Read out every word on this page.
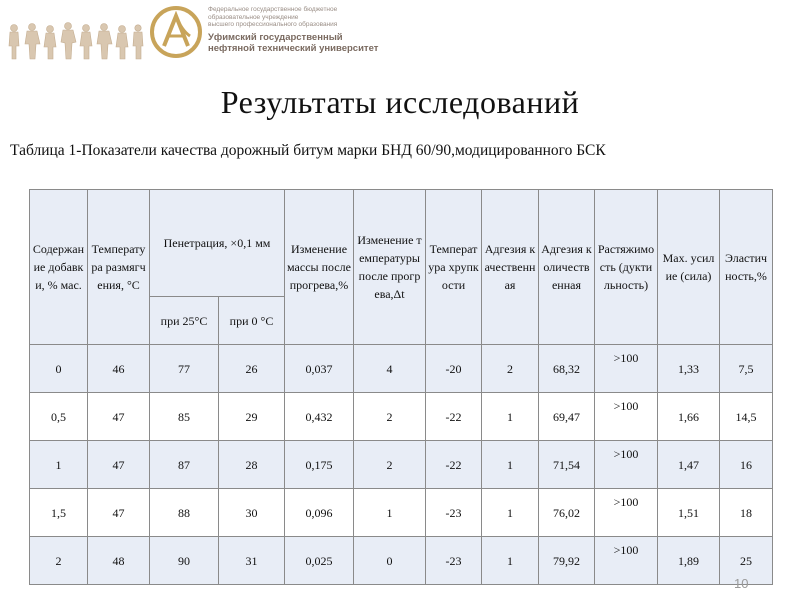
Федеральное государственное бюджетное
образовательное учреждение
высшего профессионального образования
Уфимский государственный
нефтяной технический университет
Результаты исследований
Таблица 1-Показатели качества дорожный битум марки БНД 60/90,модицированного БСК
Содержание добавки, % мас.	Температура размягчения, °С	Пенетрация, ×0,1 мм		Изменение массы после прогрева,%	Изменение температуры после прогрева,Δt	Температура хрупкости	Адгезия качественная	Адгезия количественная	Растяжимость (дуктильность)	Мах. усилие (сила)	Эластичность,%
		при 25°С	при 0 °С								
0	46	77	26	0,037	4	-20	2	68,32	>100	1,33	7,5
0,5	47	85	29	0,432	2	-22	1	69,47	>100	1,66	14,5
1	47	87	28	0,175	2	-22	1	71,54	>100	1,47	16
1,5	47	88	30	0,096	1	-23	1	76,02	>100	1,51	18
2	48	90	31	0,025	0	-23	1	79,92	>100	1,89	25
10
